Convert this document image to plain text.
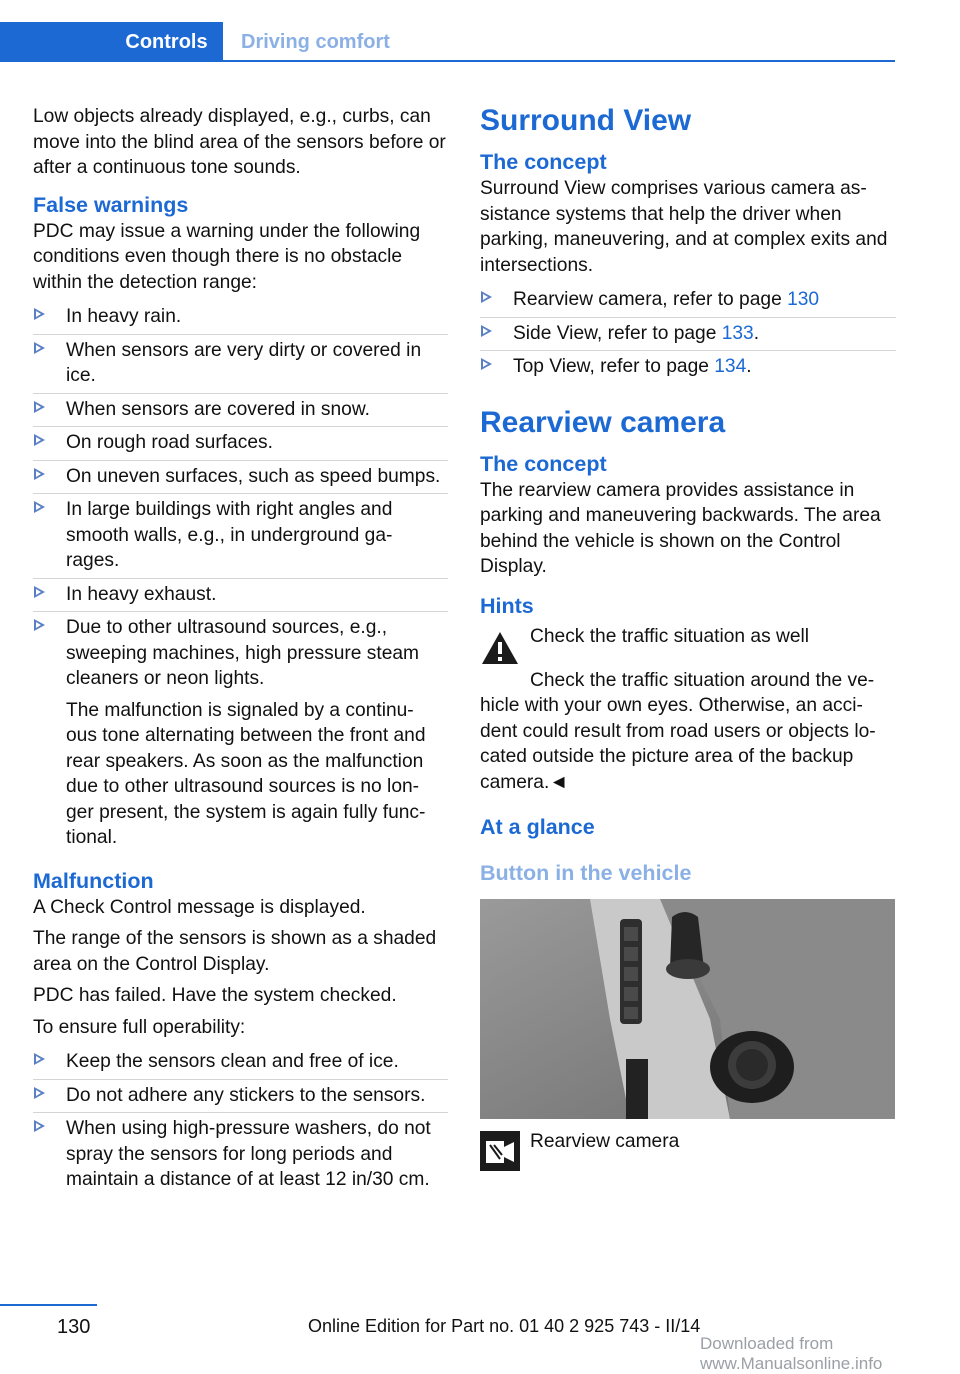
Controls	Driving comfort

Low objects already displayed, e.g., curbs, can move into the blind area of the sensors before or after a continuous tone sounds.

False warnings

PDC may issue a warning under the following conditions even though there is no obstacle within the detection range:

In heavy rain.
When sensors are very dirty or covered in ice.
When sensors are covered in snow.
On rough road surfaces.
On uneven surfaces, such as speed bumps.
In large buildings with right angles and smooth walls, e.g., in underground ga‐ rages.
In heavy exhaust.
Due to other ultrasound sources, e.g., sweeping machines, high pressure steam cleaners or neon lights.
The malfunction is signaled by a continu‐ ous tone alternating between the front and rear speakers. As soon as the malfunction due to other ultrasound sources is no lon‐ ger present, the system is again fully func‐ tional.
Malfunction

A Check Control message is displayed.

The range of the sensors is shown as a shaded area on the Control Display.

PDC has failed. Have the system checked.

To ensure full operability:

Keep the sensors clean and free of ice.
Do not adhere any stickers to the sensors.
When using high-pressure washers, do not spray the sensors for long periods and maintain a distance of at least 12 in/30 cm.
Surround View
The concept

Surround View comprises various camera as‐ sistance systems that help the driver when parking, maneuvering, and at complex exits and intersections.

Rearview camera, refer to page 130
Side View, refer to page 133.
Top View, refer to page 134.
Rearview camera
The concept

The rearview camera provides assistance in parking and maneuvering backwards. The area behind the vehicle is shown on the Control Display.

Hints
Check the traffic situation as well
Check the traffic situation around the ve‐ hicle with your own eyes. Otherwise, an acci‐ dent could result from road users or objects lo‐ cated outside the picture area of the backup camera.◄
At a glance
Button in the vehicle
Rearview camera
130	Online Edition for Part no. 01 40 2 925 743 - II/14
Downloaded from www.Manualsonline.info
